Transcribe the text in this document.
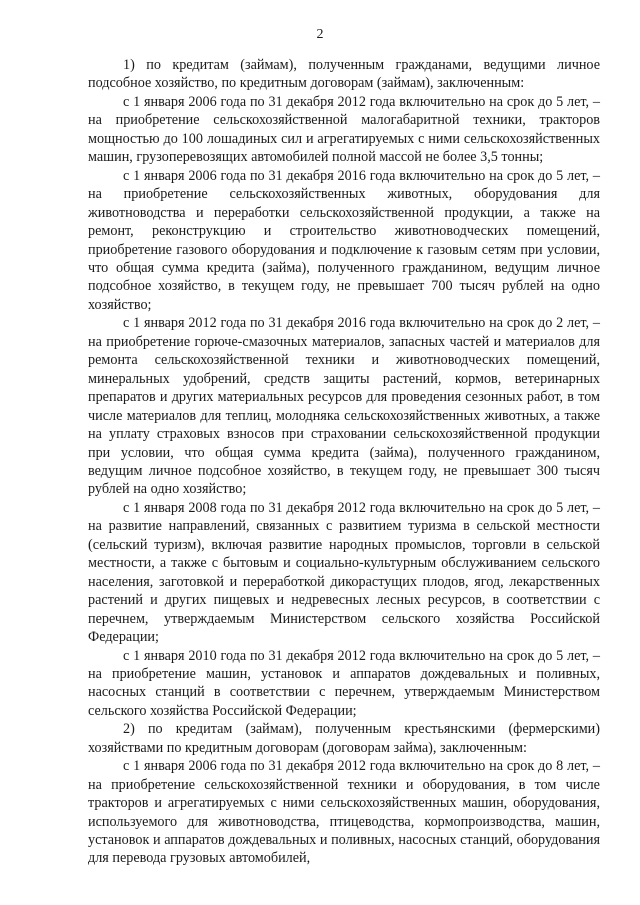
2

1) по кредитам (займам), полученным гражданами, ведущими личное подсобное хозяйство, по кредитным договорам (займам), заключенным:

с 1 января 2006 года по 31 декабря 2012 года включительно на срок до 5 лет, – на приобретение сельскохозяйственной малогабаритной техники, тракторов мощностью до 100 лошадиных сил и агрегатируемых с ними сельскохозяйственных машин, грузоперевозящих автомобилей полной массой не более 3,5 тонны;

с 1 января 2006 года по 31 декабря 2016 года включительно на срок до 5 лет, – на приобретение сельскохозяйственных животных, оборудования для животноводства и переработки сельскохозяйственной продукции, а также на ремонт, реконструкцию и строительство животноводческих помещений, приобретение газового оборудования и подключение к газовым сетям при условии, что общая сумма кредита (займа), полученного гражданином, ведущим личное подсобное хозяйство, в текущем году, не превышает 700 тысяч рублей на одно хозяйство;

с 1 января 2012 года по 31 декабря 2016 года включительно на срок до 2 лет, – на приобретение горюче-смазочных материалов, запасных частей и материалов для ремонта сельскохозяйственной техники и животноводческих помещений, минеральных удобрений, средств защиты растений, кормов, ветеринарных препаратов и других материальных ресурсов для проведения сезонных работ, в том числе материалов для теплиц, молодняка сельскохозяйственных животных, а также на уплату страховых взносов при страховании сельскохозяйственной продукции при условии, что общая сумма кредита (займа), полученного гражданином, ведущим личное подсобное хозяйство, в текущем году, не превышает 300 тысяч рублей на одно хозяйство;

с 1 января 2008 года по 31 декабря 2012 года включительно на срок до 5 лет, – на развитие направлений, связанных с развитием туризма в сельской местности (сельский туризм), включая развитие народных промыслов, торговли в сельской местности, а также с бытовым и социально-культурным обслуживанием сельского населения, заготовкой и переработкой дикорастущих плодов, ягод, лекарственных растений и других пищевых и недревесных лесных ресурсов, в соответствии с перечнем, утверждаемым Министерством сельского хозяйства Российской Федерации;

с 1 января 2010 года по 31 декабря 2012 года включительно на срок до 5 лет, – на приобретение машин, установок и аппаратов дождевальных и поливных, насосных станций в соответствии с перечнем, утверждаемым Министерством сельского хозяйства Российской Федерации;

2) по кредитам (займам), полученным крестьянскими (фермерскими) хозяйствами по кредитным договорам (договорам займа), заключенным:

с 1 января 2006 года по 31 декабря 2012 года включительно на срок до 8 лет, – на приобретение сельскохозяйственной техники и оборудования, в том числе тракторов и агрегатируемых с ними сельскохозяйственных машин, оборудования, используемого для животноводства, птицеводства, кормопроизводства, машин, установок и аппаратов дождевальных и поливных, насосных станций, оборудования для перевода грузовых автомобилей,
